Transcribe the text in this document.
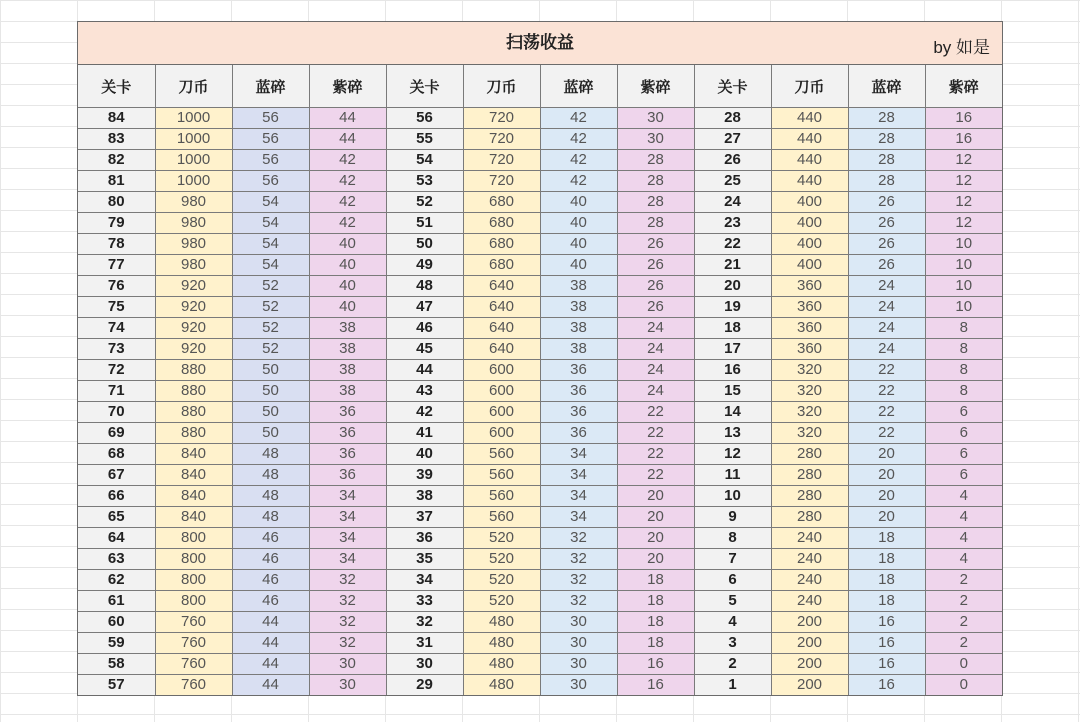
扫荡收益	by 如是
关卡	刀币	蓝碎	紫碎	关卡	刀币	蓝碎	紫碎	关卡	刀币	蓝碎	紫碎
84	1000	56	44	56	720	42	30	28	440	28	16
83	1000	56	44	55	720	42	30	27	440	28	16
82	1000	56	42	54	720	42	28	26	440	28	12
81	1000	56	42	53	720	42	28	25	440	28	12
80	980	54	42	52	680	40	28	24	400	26	12
79	980	54	42	51	680	40	28	23	400	26	12
78	980	54	40	50	680	40	26	22	400	26	10
77	980	54	40	49	680	40	26	21	400	26	10
76	920	52	40	48	640	38	26	20	360	24	10
75	920	52	40	47	640	38	26	19	360	24	10
74	920	52	38	46	640	38	24	18	360	24	8
73	920	52	38	45	640	38	24	17	360	24	8
72	880	50	38	44	600	36	24	16	320	22	8
71	880	50	38	43	600	36	24	15	320	22	8
70	880	50	36	42	600	36	22	14	320	22	6
69	880	50	36	41	600	36	22	13	320	22	6
68	840	48	36	40	560	34	22	12	280	20	6
67	840	48	36	39	560	34	22	11	280	20	6
66	840	48	34	38	560	34	20	10	280	20	4
65	840	48	34	37	560	34	20	9	280	20	4
64	800	46	34	36	520	32	20	8	240	18	4
63	800	46	34	35	520	32	20	7	240	18	4
62	800	46	32	34	520	32	18	6	240	18	2
61	800	46	32	33	520	32	18	5	240	18	2
60	760	44	32	32	480	30	18	4	200	16	2
59	760	44	32	31	480	30	18	3	200	16	2
58	760	44	30	30	480	30	16	2	200	16	0
57	760	44	30	29	480	30	16	1	200	16	0
